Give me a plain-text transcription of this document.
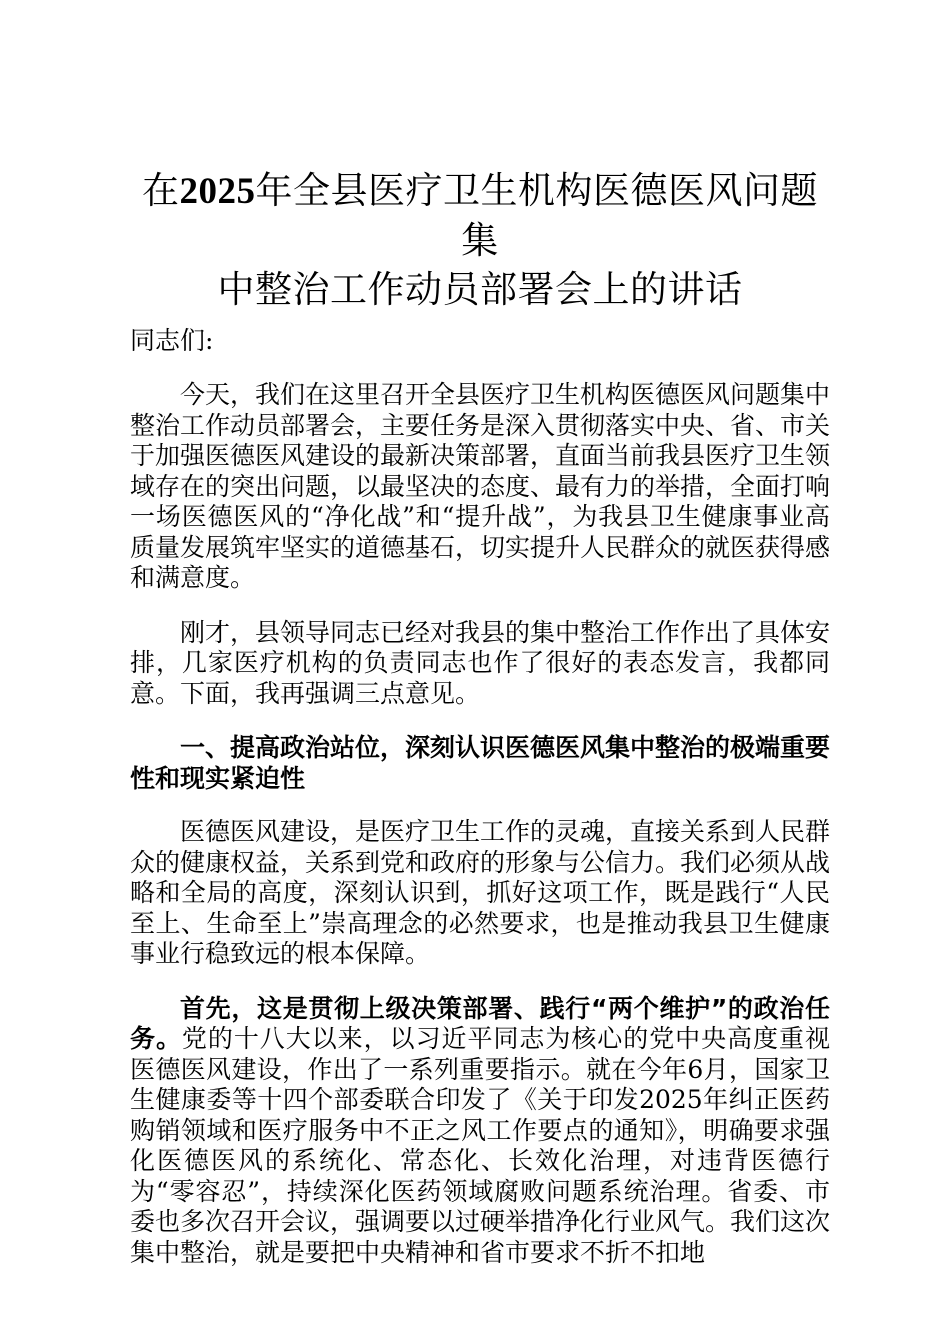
在2025年全县医疗卫生机构医德医风问题集
中整治工作动员部署会上的讲话

同志们:

今天，我们在这里召开全县医疗卫生机构医德医风问题集中整治工作动员部署会，主要任务是深入贯彻落实中央、省、市关于加强医德医风建设的最新决策部署，直面当前我县医疗卫生领域存在的突出问题，以最坚决的态度、最有力的举措，全面打响一场医德医风的“净化战”和“提升战”，为我县卫生健康事业高质量发展筑牢坚实的道德基石，切实提升人民群众的就医获得感和满意度。

刚才，县领导同志已经对我县的集中整治工作作出了具体安排，几家医疗机构的负责同志也作了很好的表态发言，我都同意。下面，我再强调三点意见。

一、提高政治站位，深刻认识医德医风集中整治的极端重要性和现实紧迫性

医德医风建设，是医疗卫生工作的灵魂，直接关系到人民群众的健康权益，关系到党和政府的形象与公信力。我们必须从战略和全局的高度，深刻认识到，抓好这项工作，既是践行“人民至上、生命至上”崇高理念的必然要求，也是推动我县卫生健康事业行稳致远的根本保障。

首先，这是贯彻上级决策部署、践行“两个维护”的政治任务。党的十八大以来，以习近平同志为核心的党中央高度重视医德医风建设，作出了一系列重要指示。就在今年6月，国家卫生健康委等十四个部委联合印发了《关于印发2025年纠正医药购销领域和医疗服务中不正之风工作要点的通知》，明确要求强化医德医风的系统化、常态化、长效化治理，对违背医德行为“零容忍”，持续深化医药领域腐败问题系统治理。省委、市委也多次召开会议，强调要以过硬举措净化行业风气。我们这次集中整治，就是要把中央精神和省市要求不折不扣地
